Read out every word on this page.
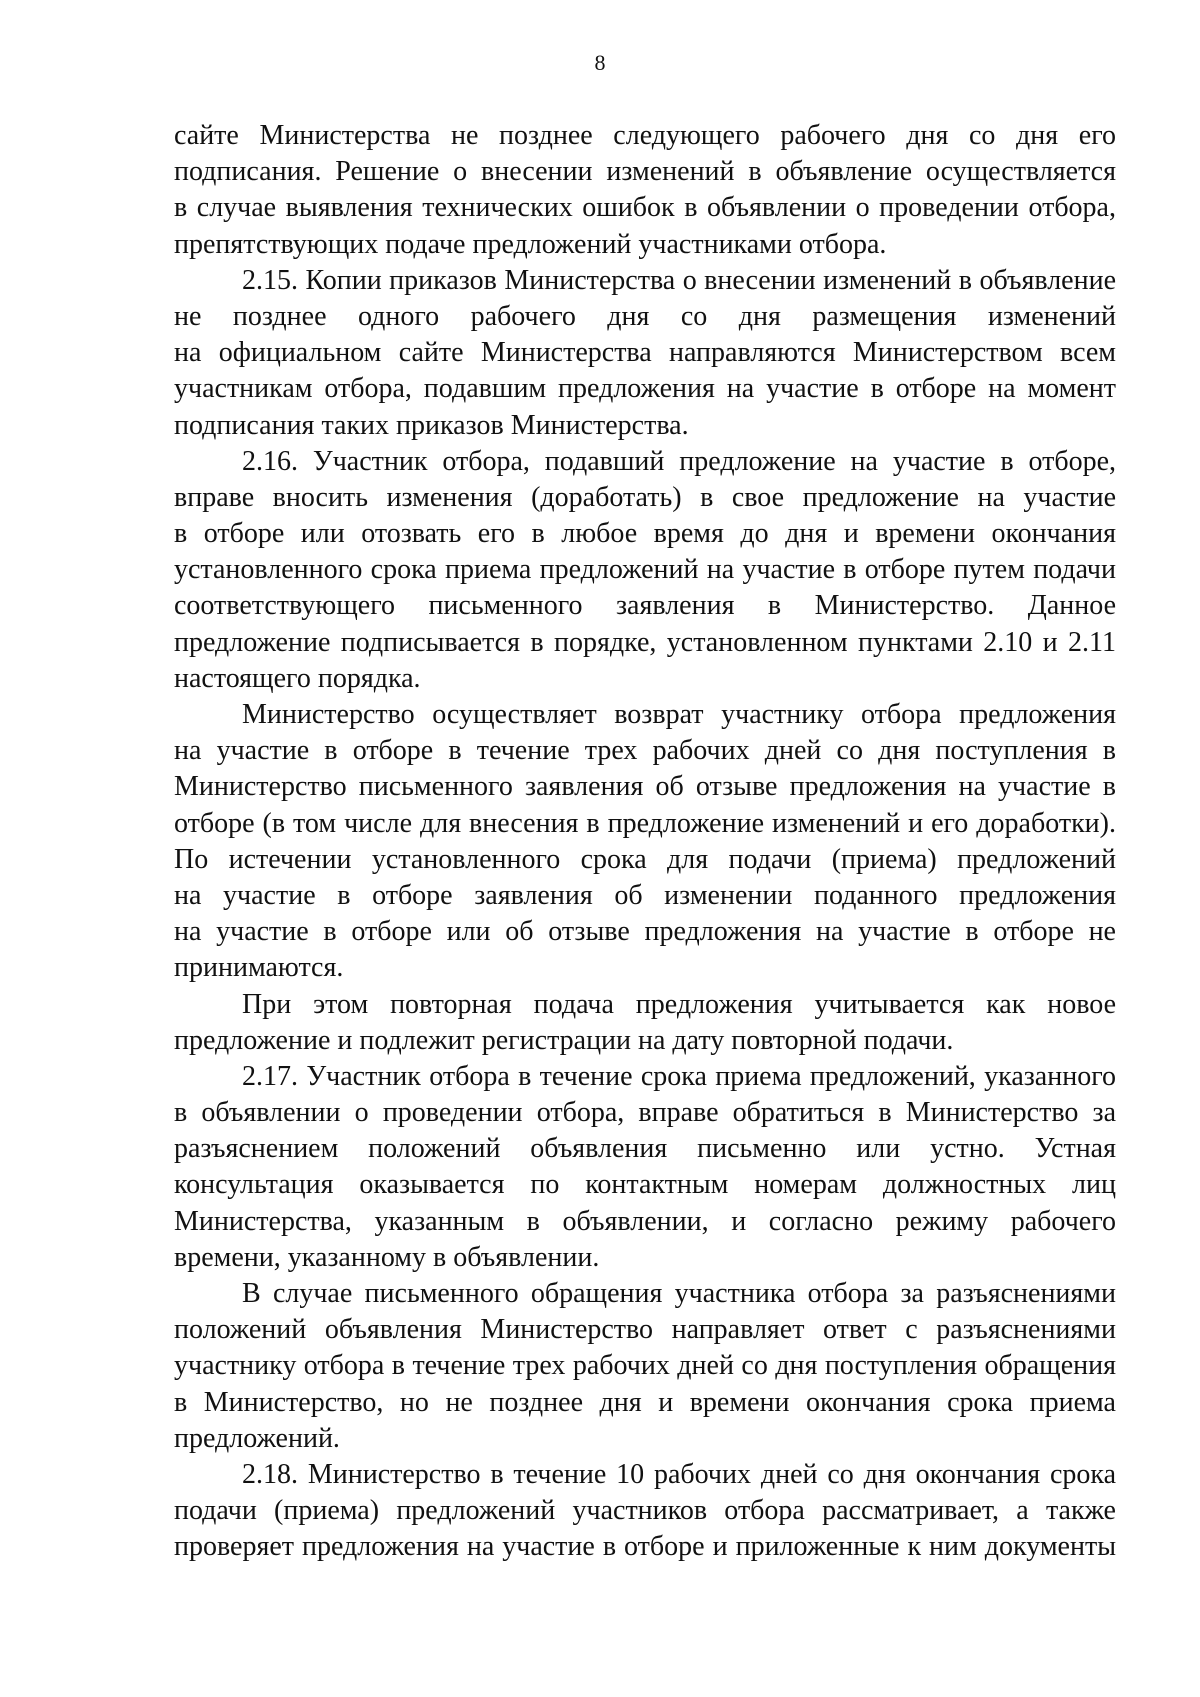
8
сайте Министерства не позднее следующего рабочего дня со дня его
подписания. Решение о внесении изменений в объявление осуществляется
в случае выявления технических ошибок в объявлении о проведении отбора,
препятствующих подаче предложений участниками отбора.
2.15. Копии приказов Министерства о внесении изменений в объявление
не позднее одного рабочего дня со дня размещения изменений
на официальном сайте Министерства направляются Министерством всем
участникам отбора, подавшим предложения на участие в отборе на момент
подписания таких приказов Министерства.
2.16. Участник отбора, подавший предложение на участие в отборе,
вправе вносить изменения (доработать) в свое предложение на участие
в отборе или отозвать его в любое время до дня и времени окончания
установленного срока приема предложений на участие в отборе путем подачи
соответствующего письменного заявления в Министерство. Данное
предложение подписывается в порядке, установленном пунктами 2.10 и 2.11
настоящего порядка.
Министерство осуществляет возврат участнику отбора предложения
на участие в отборе в течение трех рабочих дней со дня поступления в
Министерство письменного заявления об отзыве предложения на участие в
отборе (в том числе для внесения в предложение изменений и его доработки).
По истечении установленного срока для подачи (приема) предложений
на участие в отборе заявления об изменении поданного предложения
на участие в отборе или об отзыве предложения на участие в отборе не
принимаются.
При этом повторная подача предложения учитывается как новое
предложение и подлежит регистрации на дату повторной подачи.
2.17. Участник отбора в течение срока приема предложений, указанного
в объявлении о проведении отбора, вправе обратиться в Министерство за
разъяснением положений объявления письменно или устно. Устная
консультация оказывается по контактным номерам должностных лиц
Министерства, указанным в объявлении, и согласно режиму рабочего
времени, указанному в объявлении.
В случае письменного обращения участника отбора за разъяснениями
положений объявления Министерство направляет ответ с разъяснениями
участнику отбора в течение трех рабочих дней со дня поступления обращения
в Министерство, но не позднее дня и времени окончания срока приема
предложений.
2.18. Министерство в течение 10 рабочих дней со дня окончания срока
подачи (приема) предложений участников отбора рассматривает, а также
проверяет предложения на участие в отборе и приложенные к ним документы
